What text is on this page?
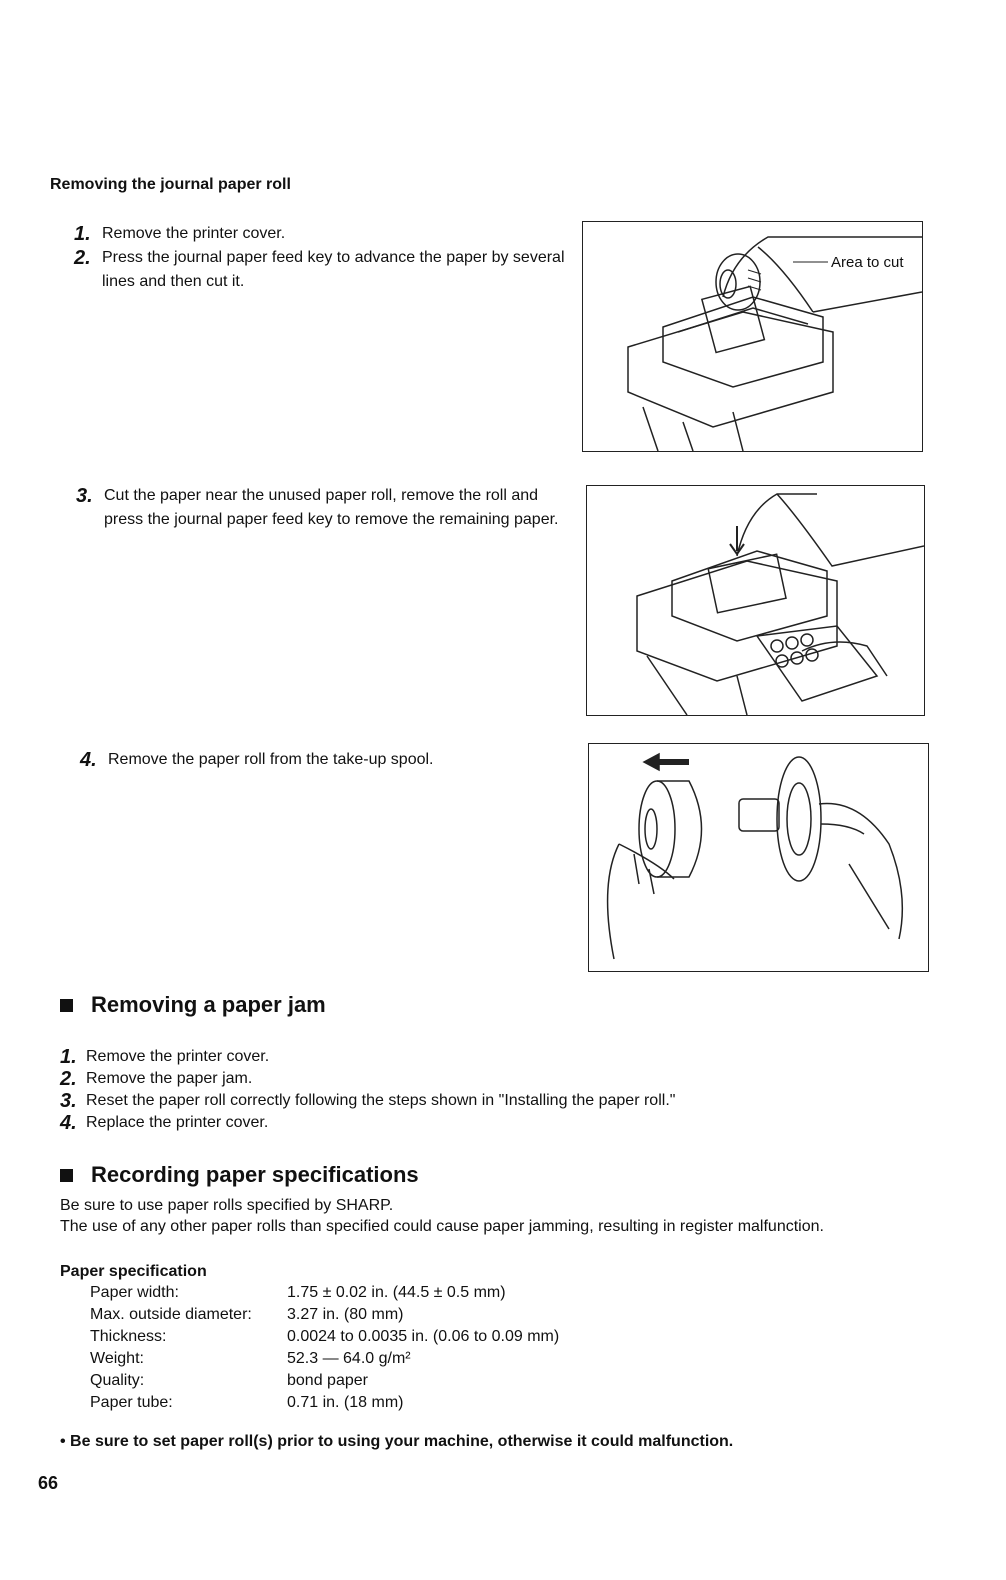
Removing the journal paper roll
1. Remove the printer cover.
2. Press the journal paper feed key to advance the paper by several lines and then cut it.
Area to cut
3. Cut the paper near the unused paper roll, remove the roll and press the journal paper feed key to remove the remaining paper.
4. Remove the paper roll from the take-up spool.
Removing a paper jam
1. Remove the printer cover.
2. Remove the paper jam.
3. Reset the paper roll correctly following the steps shown in "Installing the paper roll."
4. Replace the printer cover.
Recording paper specifications
Be sure to use paper rolls specified by SHARP.
The use of any other paper rolls than specified could cause paper jamming, resulting in register malfunction.
Paper specification
Paper width:	1.75 ± 0.02 in. (44.5 ± 0.5 mm)
Max. outside diameter:	3.27 in. (80 mm)
Thickness:	0.0024 to 0.0035 in. (0.06 to 0.09 mm)
Weight:	52.3 — 64.0 g/m²
Quality:	bond paper
Paper tube:	0.71 in. (18 mm)
• Be sure to set paper roll(s) prior to using your machine, otherwise it could malfunction.
66
